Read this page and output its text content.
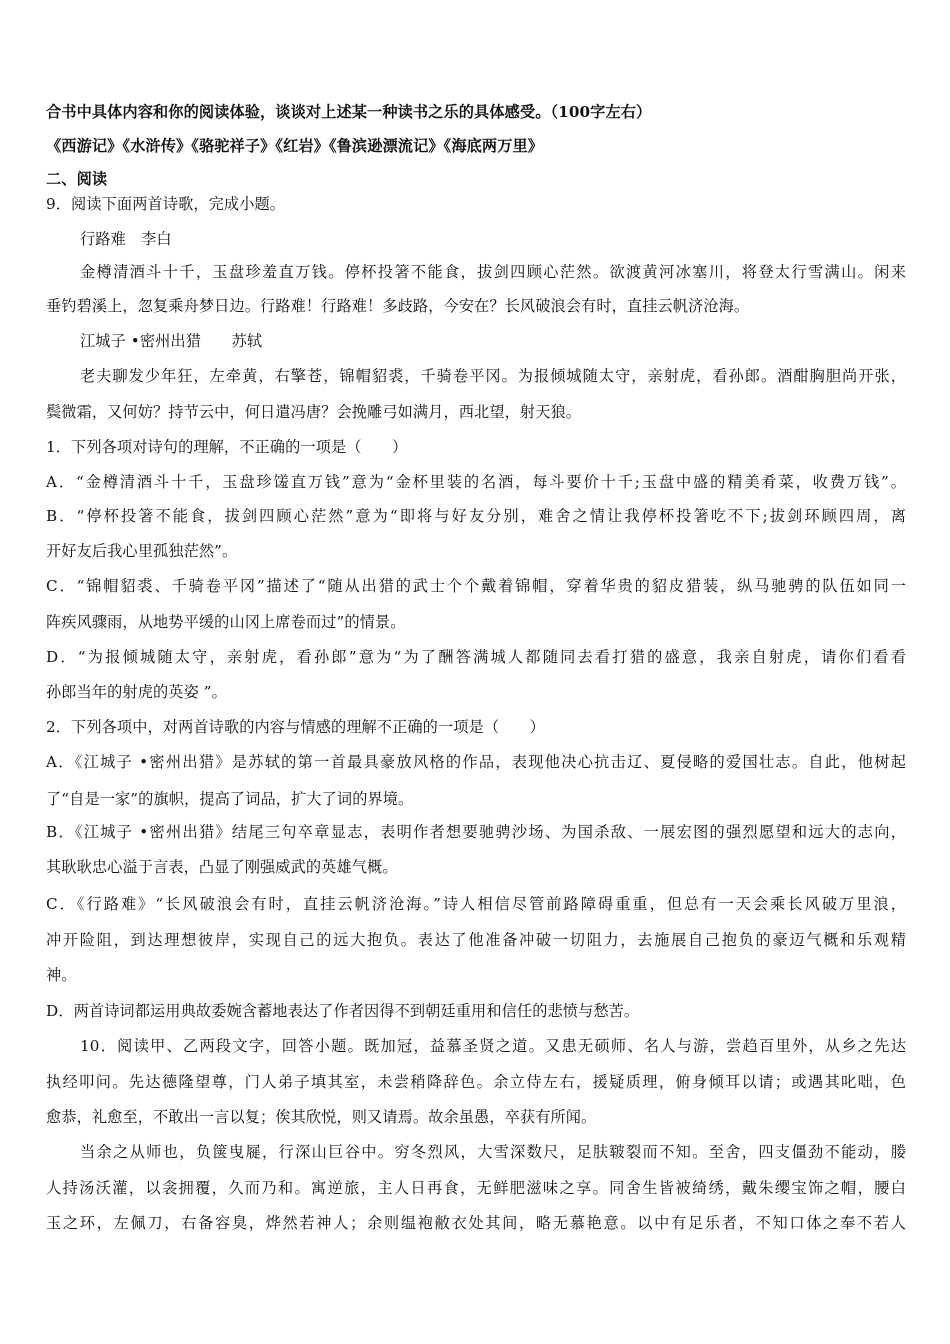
合书中具体内容和你的阅读体验，谈谈对上述某一种读书之乐的具体感受。（100字左右）
《西游记》《水浒传》《骆驼祥子》《红岩》《鲁滨逊漂流记》《海底两万里》
二、阅读
9．阅读下面两首诗歌，完成小题。
行路难　李白
金樽清酒斗十千，玉盘珍羞直万钱。停杯投箸不能食，拔剑四顾心茫然。欲渡黄河冰塞川，将登太行雪满山。闲来
垂钓碧溪上，忽复乘舟梦日边。行路难！行路难！多歧路，今安在？长风破浪会有时，直挂云帆济沧海。
江城子 •密州出猎　　苏轼
老夫聊发少年狂，左牵黄，右擎苍，锦帽貂裘，千骑卷平冈。为报倾城随太守，亲射虎，看孙郎。酒酣胸胆尚开张，
鬓微霜，又何妨？持节云中，何日遣冯唐？会挽雕弓如满月，西北望，射天狼。
1．下列各项对诗句的理解，不正确的一项是（　　）
A．“金樽清酒斗十千，玉盘珍馐直万钱”意为“金杯里装的名酒，每斗要价十千;玉盘中盛的精美肴菜，收费万钱”。
B．“停杯投箸不能食，拔剑四顾心茫然”意为“即将与好友分别，难舍之情让我停杯投箸吃不下;拔剑环顾四周，离
开好友后我心里孤独茫然”。
C．“锦帽貂裘、千骑卷平冈”描述了“随从出猎的武士个个戴着锦帽，穿着华贵的貂皮猎装，纵马驰骋的队伍如同一
阵疾风骤雨，从地势平缓的山冈上席卷而过”的情景。
D．“为报倾城随太守，亲射虎，看孙郎”意为“为了酬答满城人都随同去看打猎的盛意，我亲自射虎，请你们看看
孙郎当年的射虎的英姿 ”。
2．下列各项中，对两首诗歌的内容与情感的理解不正确的一项是（　　）
A．《江城子 •密州出猎》是苏轼的第一首最具豪放风格的作品，表现他决心抗击辽、夏侵略的爱国壮志。自此，他树起
了“自是一家”的旗帜，提高了词品，扩大了词的界境。
B．《江城子 •密州出猎》结尾三句卒章显志，表明作者想要驰骋沙场、为国杀敌、一展宏图的强烈愿望和远大的志向，
其耿耿忠心溢于言表，凸显了刚强威武的英雄气概。
C．《行路难》“长风破浪会有时，直挂云帆济沧海。”诗人相信尽管前路障碍重重，但总有一天会乘长风破万里浪，
冲开险阻，到达理想彼岸，实现自己的远大抱负。表达了他准备冲破一切阻力，去施展自己抱负的豪迈气概和乐观精
神。
D．两首诗词都运用典故委婉含蓄地表达了作者因得不到朝廷重用和信任的悲愤与愁苦。
10．阅读甲、乙两段文字，回答小题。既加冠，益慕圣贤之道。又患无硕师、名人与游，尝趋百里外，从乡之先达
执经叩问。先达德隆望尊，门人弟子填其室，未尝稍降辞色。余立侍左右，援疑质理，俯身倾耳以请；或遇其叱咄，色
愈恭，礼愈至，不敢出一言以复；俟其欣悦，则又请焉。故余虽愚，卒获有所闻。
当余之从师也，负箧曳屣，行深山巨谷中。穷冬烈风，大雪深数尺，足肤皲裂而不知。至舍，四支僵劲不能动，媵
人持汤沃灌，以衾拥覆，久而乃和。寓逆旅，主人日再食，无鲜肥滋味之享。同舍生皆被绮绣，戴朱缨宝饰之帽，腰白
玉之环，左佩刀，右备容臭，烨然若神人；余则缊袍敝衣处其间，略无慕艳意。以中有足乐者，不知口体之奉不若人
